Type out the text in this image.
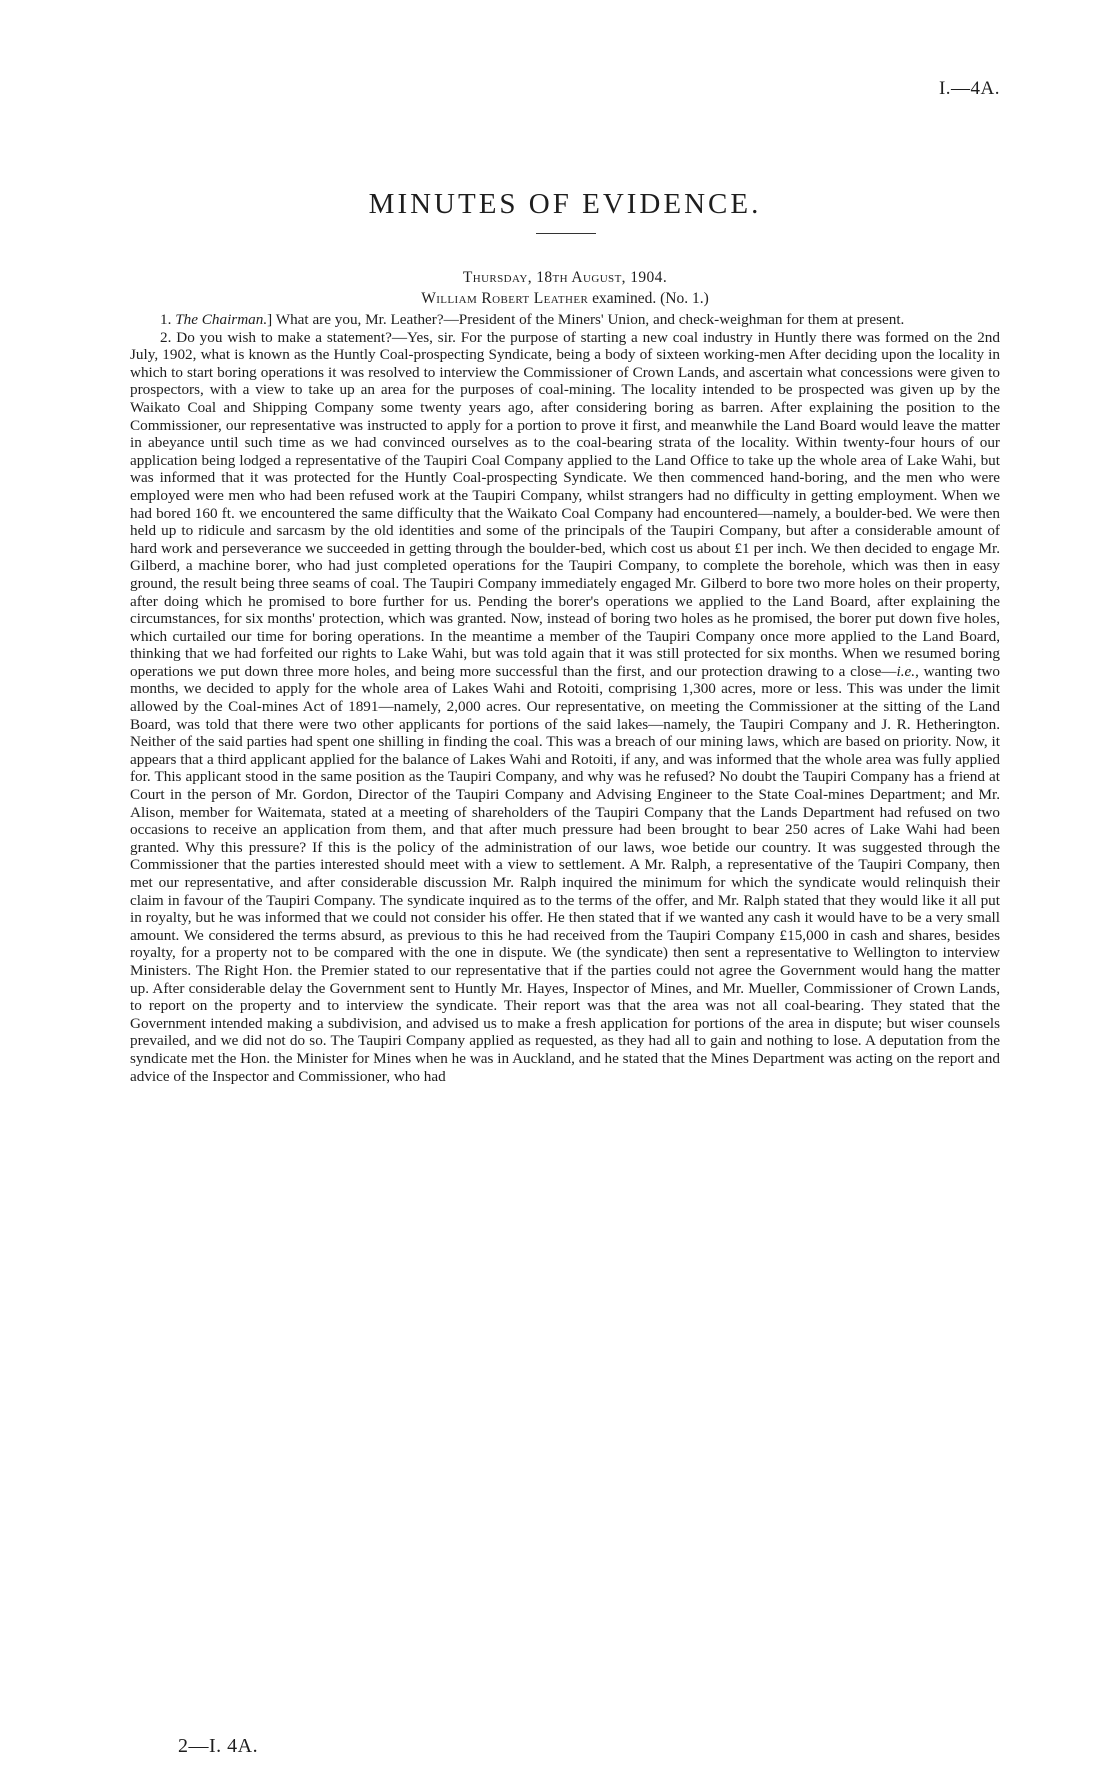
I.—4A.
MINUTES OF EVIDENCE.
Thursday, 18th August, 1904.
William Robert Leather examined. (No. 1.)

1. The Chairman.] What are you, Mr. Leather?—President of the Miners' Union, and check-weighman for them at present.

2. Do you wish to make a statement?—Yes, sir. For the purpose of starting a new coal industry in Huntly there was formed on the 2nd July, 1902, what is known as the Huntly Coal-prospecting Syndicate, being a body of sixteen working-men After deciding upon the locality in which to start boring operations it was resolved to interview the Commissioner of Crown Lands, and ascertain what concessions were given to prospectors, with a view to take up an area for the purposes of coal-mining. The locality intended to be prospected was given up by the Waikato Coal and Shipping Company some twenty years ago, after considering boring as barren. After explaining the position to the Commissioner, our representative was instructed to apply for a portion to prove it first, and meanwhile the Land Board would leave the matter in abeyance until such time as we had convinced ourselves as to the coal-bearing strata of the locality. Within twenty-four hours of our application being lodged a representative of the Taupiri Coal Company applied to the Land Office to take up the whole area of Lake Wahi, but was informed that it was protected for the Huntly Coal-prospecting Syndicate. We then commenced hand-boring, and the men who were employed were men who had been refused work at the Taupiri Company, whilst strangers had no difficulty in getting employment. When we had bored 160 ft. we encountered the same difficulty that the Waikato Coal Company had encountered—namely, a boulder-bed. We were then held up to ridicule and sarcasm by the old identities and some of the principals of the Taupiri Company, but after a considerable amount of hard work and perseverance we succeeded in getting through the boulder-bed, which cost us about £1 per inch. We then decided to engage Mr. Gilberd, a machine borer, who had just completed operations for the Taupiri Company, to complete the borehole, which was then in easy ground, the result being three seams of coal. The Taupiri Company immediately engaged Mr. Gilberd to bore two more holes on their property, after doing which he promised to bore further for us. Pending the borer's operations we applied to the Land Board, after explaining the circumstances, for six months' protection, which was granted. Now, instead of boring two holes as he promised, the borer put down five holes, which curtailed our time for boring operations. In the meantime a member of the Taupiri Company once more applied to the Land Board, thinking that we had forfeited our rights to Lake Wahi, but was told again that it was still protected for six months. When we resumed boring operations we put down three more holes, and being more successful than the first, and our protection drawing to a close—i.e., wanting two months, we decided to apply for the whole area of Lakes Wahi and Rotoiti, comprising 1,300 acres, more or less. This was under the limit allowed by the Coal-mines Act of 1891—namely, 2,000 acres. Our representative, on meeting the Commissioner at the sitting of the Land Board, was told that there were two other applicants for portions of the said lakes—namely, the Taupiri Company and J. R. Hetherington. Neither of the said parties had spent one shilling in finding the coal. This was a breach of our mining laws, which are based on priority. Now, it appears that a third applicant applied for the balance of Lakes Wahi and Rotoiti, if any, and was informed that the whole area was fully applied for. This applicant stood in the same position as the Taupiri Company, and why was he refused? No doubt the Taupiri Company has a friend at Court in the person of Mr. Gordon, Director of the Taupiri Company and Advising Engineer to the State Coal-mines Department; and Mr. Alison, member for Waitemata, stated at a meeting of shareholders of the Taupiri Company that the Lands Department had refused on two occasions to receive an application from them, and that after much pressure had been brought to bear 250 acres of Lake Wahi had been granted. Why this pressure? If this is the policy of the administration of our laws, woe betide our country. It was suggested through the Commissioner that the parties interested should meet with a view to settlement. A Mr. Ralph, a representative of the Taupiri Company, then met our representative, and after considerable discussion Mr. Ralph inquired the minimum for which the syndicate would relinquish their claim in favour of the Taupiri Company. The syndicate inquired as to the terms of the offer, and Mr. Ralph stated that they would like it all put in royalty, but he was informed that we could not consider his offer. He then stated that if we wanted any cash it would have to be a very small amount. We considered the terms absurd, as previous to this he had received from the Taupiri Company £15,000 in cash and shares, besides royalty, for a property not to be compared with the one in dispute. We (the syndicate) then sent a representative to Wellington to interview Ministers. The Right Hon. the Premier stated to our representative that if the parties could not agree the Government would hang the matter up. After considerable delay the Government sent to Huntly Mr. Hayes, Inspector of Mines, and Mr. Mueller, Commissioner of Crown Lands, to report on the property and to interview the syndicate. Their report was that the area was not all coal-bearing. They stated that the Government intended making a subdivision, and advised us to make a fresh application for portions of the area in dispute; but wiser counsels prevailed, and we did not do so. The Taupiri Company applied as requested, as they had all to gain and nothing to lose. A deputation from the syndicate met the Hon. the Minister for Mines when he was in Auckland, and he stated that the Mines Department was acting on the report and advice of the Inspector and Commissioner, who had

2—I. 4A.
